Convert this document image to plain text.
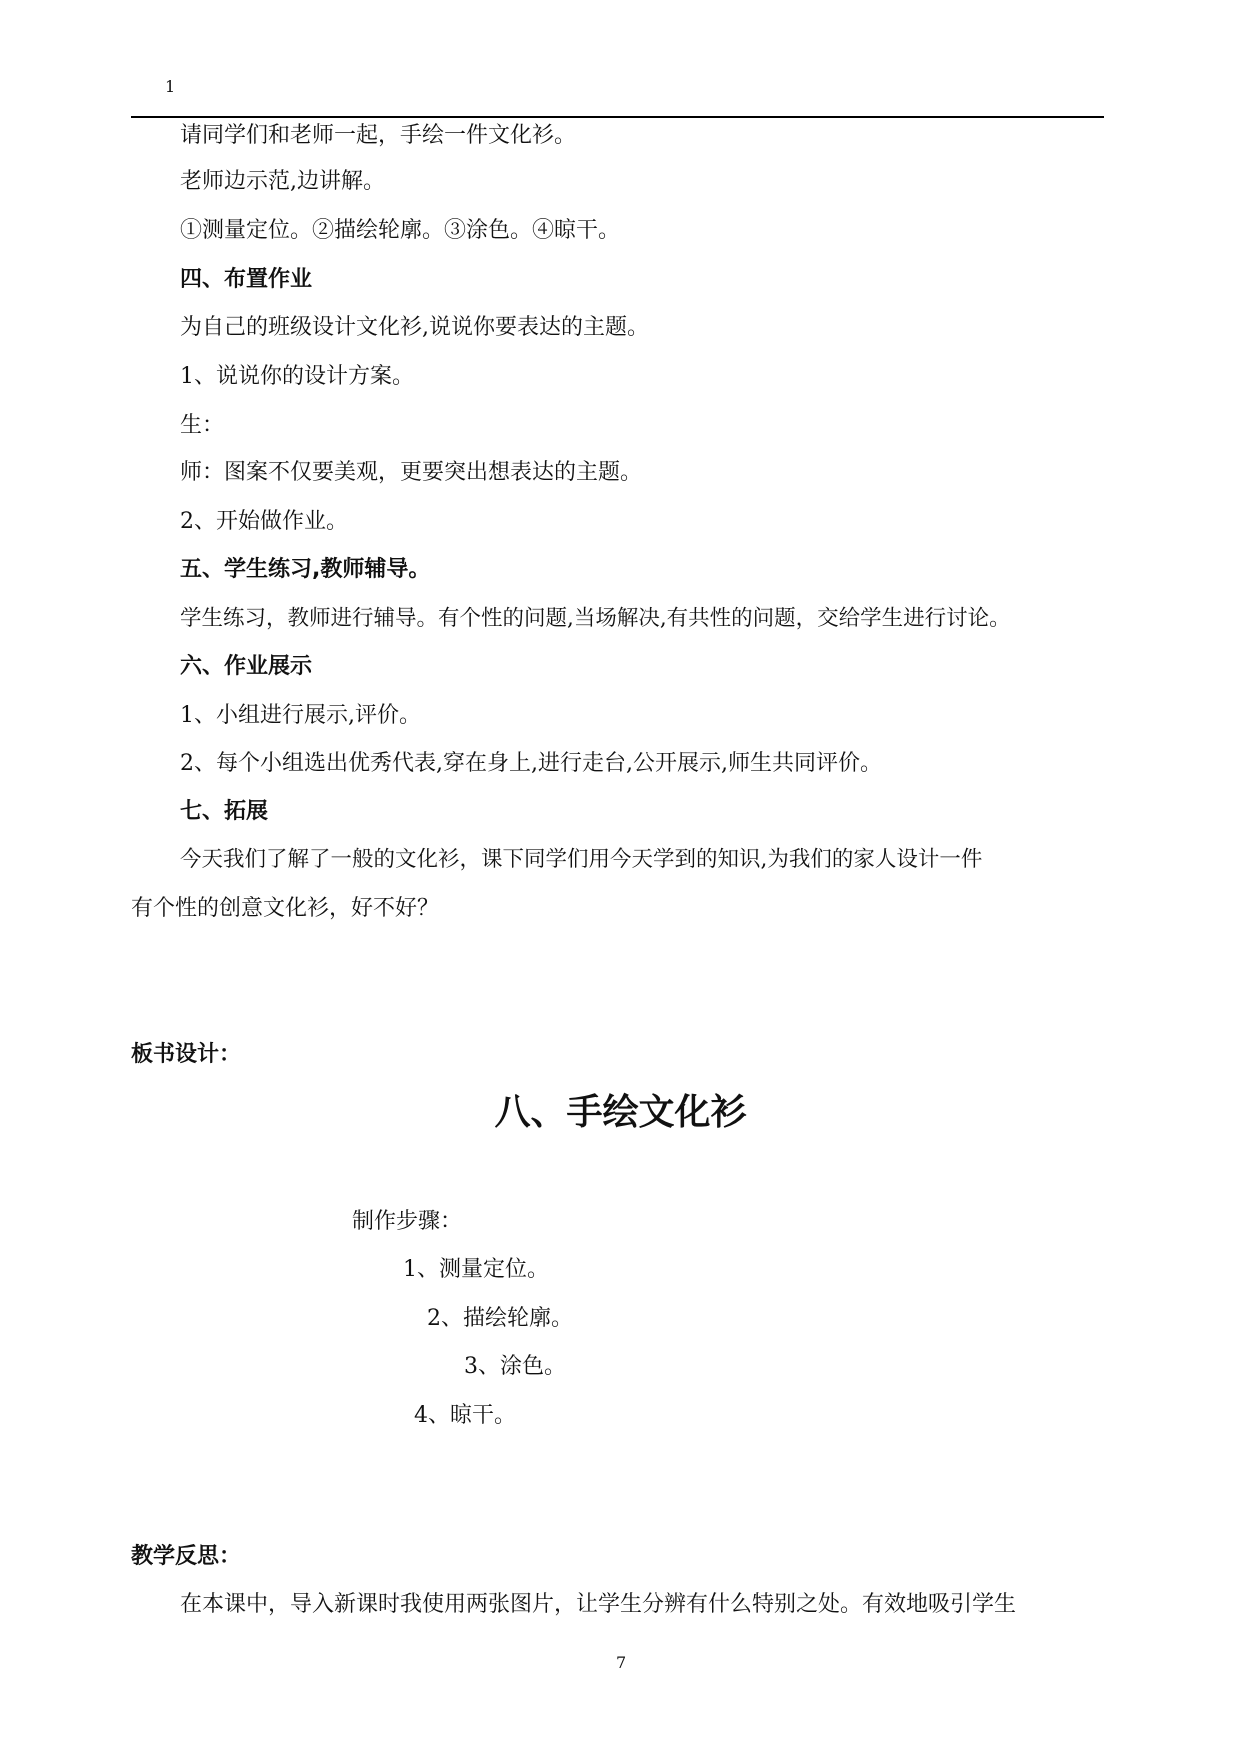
1
请同学们和老师一起，手绘一件文化衫。
老师边示范,边讲解。
①测量定位。②描绘轮廓。③涂色。④晾干。
四、布置作业
为自己的班级设计文化衫,说说你要表达的主题。
1、说说你的设计方案。
生：
师：图案不仅要美观，更要突出想表达的主题。
2、开始做作业。
五、学生练习,教师辅导。
学生练习，教师进行辅导。有个性的问题,当场解决,有共性的问题，交给学生进行讨论。
六、作业展示
1、小组进行展示,评价。
2、每个小组选出优秀代表,穿在身上,进行走台,公开展示,师生共同评价。
七、拓展
今天我们了解了一般的文化衫，课下同学们用今天学到的知识,为我们的家人设计一件
有个性的创意文化衫，好不好？
板书设计：
八、手绘文化衫
制作步骤：
1、测量定位。
2、描绘轮廓。
3、涂色。
4、晾干。
教学反思：
在本课中，导入新课时我使用两张图片，让学生分辨有什么特别之处。有效地吸引学生
7
